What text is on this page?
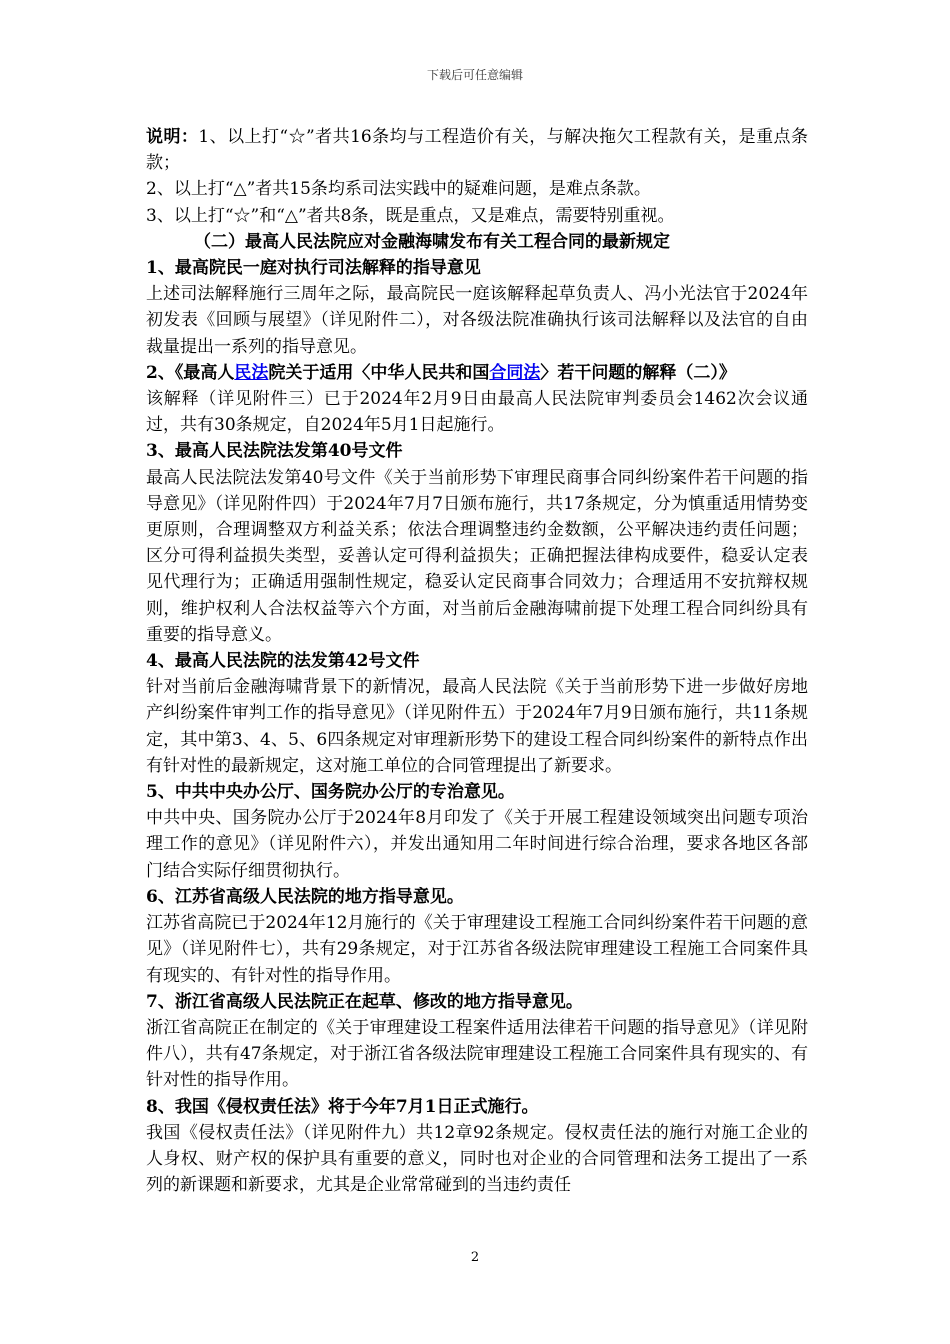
下载后可任意编辑

说明：1、以上打“☆”者共16条均与工程造价有关，与解决拖欠工程款有关，是重点条款；

2、以上打“△”者共15条均系司法实践中的疑难问题，是难点条款。

3、以上打“☆”和“△”者共8条，既是重点，又是难点，需要特别重视。

（二）最高人民法院应对金融海啸发布有关工程合同的最新规定

1、最高院民一庭对执行司法解释的指导意见

上述司法解释施行三周年之际，最高院民一庭该解释起草负责人、冯小光法官于2024年初发表《回顾与展望》（详见附件二），对各级法院准确执行该司法解释以及法官的自由裁量提出一系列的指导意见。

2、《最高人民法院关于适用〈中华人民共和国合同法〉若干问题的解释（二）》

该解释（详见附件三）已于2024年2月9日由最高人民法院审判委员会1462次会议通过，共有30条规定，自2024年5月1日起施行。

3、最高人民法院法发第40号文件

最高人民法院法发第40号文件《关于当前形势下审理民商事合同纠纷案件若干问题的指导意见》（详见附件四）于2024年7月7日颁布施行，共17条规定，分为慎重适用情势变更原则，合理调整双方利益关系；依法合理调整违约金数额，公平解决违约责任问题；区分可得利益损失类型，妥善认定可得利益损失；正确把握法律构成要件，稳妥认定表见代理行为；正确适用强制性规定，稳妥认定民商事合同效力；合理适用不安抗辩权规则，维护权利人合法权益等六个方面，对当前后金融海啸前提下处理工程合同纠纷具有重要的指导意义。

4、最高人民法院的法发第42号文件

针对当前后金融海啸背景下的新情况，最高人民法院《关于当前形势下进一步做好房地产纠纷案件审判工作的指导意见》（详见附件五）于2024年7月9日颁布施行，共11条规定，其中第3、4、5、6四条规定对审理新形势下的建设工程合同纠纷案件的新特点作出有针对性的最新规定，这对施工单位的合同管理提出了新要求。

5、中共中央办公厅、国务院办公厅的专治意见。

中共中央、国务院办公厅于2024年8月印发了《关于开展工程建设领域突出问题专项治理工作的意见》（详见附件六），并发出通知用二年时间进行综合治理，要求各地区各部门结合实际仔细贯彻执行。

6、江苏省高级人民法院的地方指导意见。

江苏省高院已于2024年12月施行的《关于审理建设工程施工合同纠纷案件若干问题的意见》（详见附件七），共有29条规定，对于江苏省各级法院审理建设工程施工合同案件具有现实的、有针对性的指导作用。

7、浙江省高级人民法院正在起草、修改的地方指导意见。

浙江省高院正在制定的《关于审理建设工程案件适用法律若干问题的指导意见》（详见附件八），共有47条规定，对于浙江省各级法院审理建设工程施工合同案件具有现实的、有针对性的指导作用。

8、我国《侵权责任法》将于今年7月1日正式施行。

我国《侵权责任法》（详见附件九）共12章92条规定。侵权责任法的施行对施工企业的人身权、财产权的保护具有重要的意义，同时也对企业的合同管理和法务工提出了一系列的新课题和新要求，尤其是企业常常碰到的当违约责任

2
